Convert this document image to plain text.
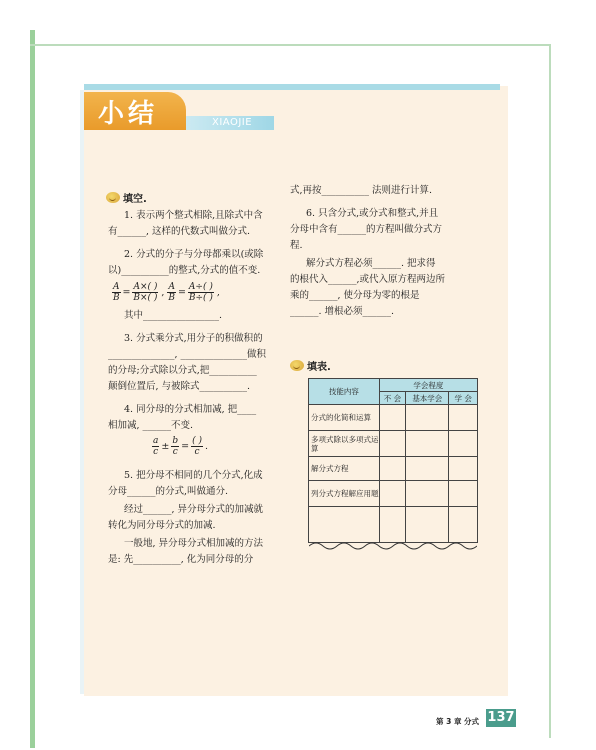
小结	XIAOJIE
填空.
1. 表示两个整式相除,且除式中含
有______, 这样的代数式叫做分式.
2. 分式的分子与分母都乘以(或除
以)__________的整式,分式的值不变.
$\frac{A}{B} = \frac{A\times( )}{B\times( )}$ , $\frac{A}{B} = \frac{A\div( )}{B\div( )}$ ,
其中________________.
3. 分式乘分式,用分子的积做积的
______________, ______________做积
的分母;分式除以分式,把__________
颠倒位置后, 与被除式__________.
4. 同分母的分式相加减, 把____
相加减, ______不变.
$\frac{a}{c} \pm \frac{b}{c} = \frac{( )}{c}$ .
5. 把分母不相同的几个分式,化成
分母______的分式,叫做通分.
经过______, 异分母分式的加减就
转化为同分母分式的加减.
一般地, 异分母分式相加减的方法
是: 先__________, 化为同分母的分
式,再按__________ 法则进行计算.
6. 只含分式,或分式和整式,并且
分母中含有______的方程叫做分式方
程.
解分式方程必须______. 把求得
的根代入______,或代入原方程两边所
乘的______, 使分母为零的根是
______. 增根必须______.
填表.
技能内容	学会程度		
	不 会	基本学会	学 会
分式的化简和运算			
多项式除以多项式运算			
解分式方程			
列分式方程解应用题			

第 3 章 分式 137
